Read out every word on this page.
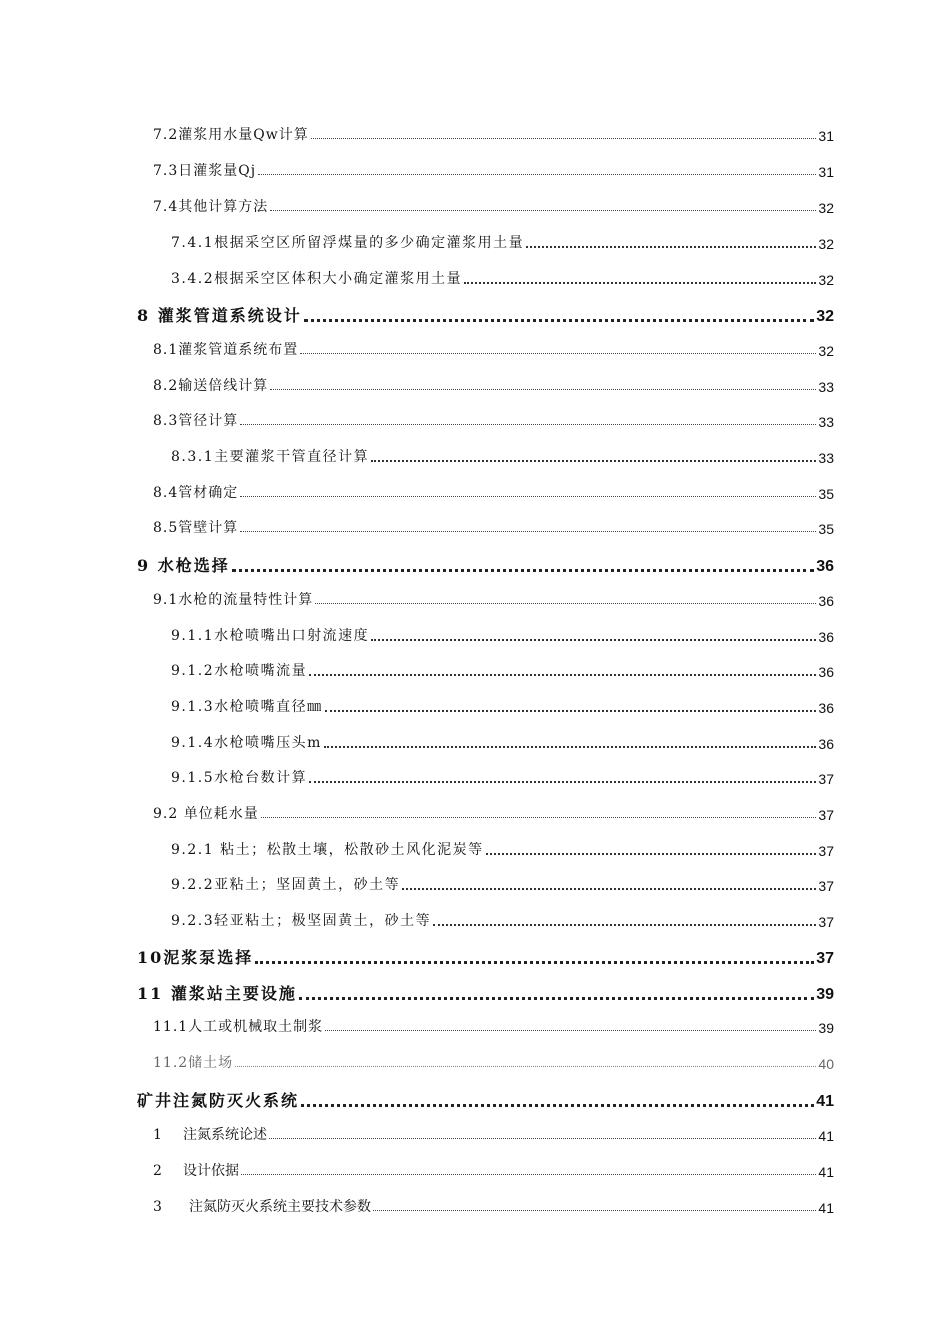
7.2灌浆用水量Qw计算	31
7.3日灌浆量Qj	31
7.4其他计算方法	32
7.4.1根据采空区所留浮煤量的多少确定灌浆用土量	32
3.4.2根据采空区体积大小确定灌浆用土量	32
8 灌浆管道系统设计	32
8.1灌浆管道系统布置	32
8.2输送倍线计算	33
8.3管径计算	33
8.3.1主要灌浆干管直径计算	33
8.4管材确定	35
8.5管壁计算	35
9 水枪选择	36
9.1水枪的流量特性计算	36
9.1.1水枪喷嘴出口射流速度	36
9.1.2水枪喷嘴流量	36
9.1.3水枪喷嘴直径㎜	36
9.1.4水枪喷嘴压头m	36
9.1.5水枪台数计算	37
9.2 单位耗水量	37
9.2.1 粘土；松散土壤，松散砂土风化泥炭等	37
9.2.2亚粘土；坚固黄土，砂土等	37
9.2.3轻亚粘土；极坚固黄土，砂土等	37
10泥浆泵选择	37
11 灌浆站主要设施	39
11.1人工或机械取土制浆	39
11.2储土场	40
矿井注氮防灭火系统	41
1 注氮系统论述	41
2 设计依据	41
3 注氮防灭火系统主要技术参数	41
